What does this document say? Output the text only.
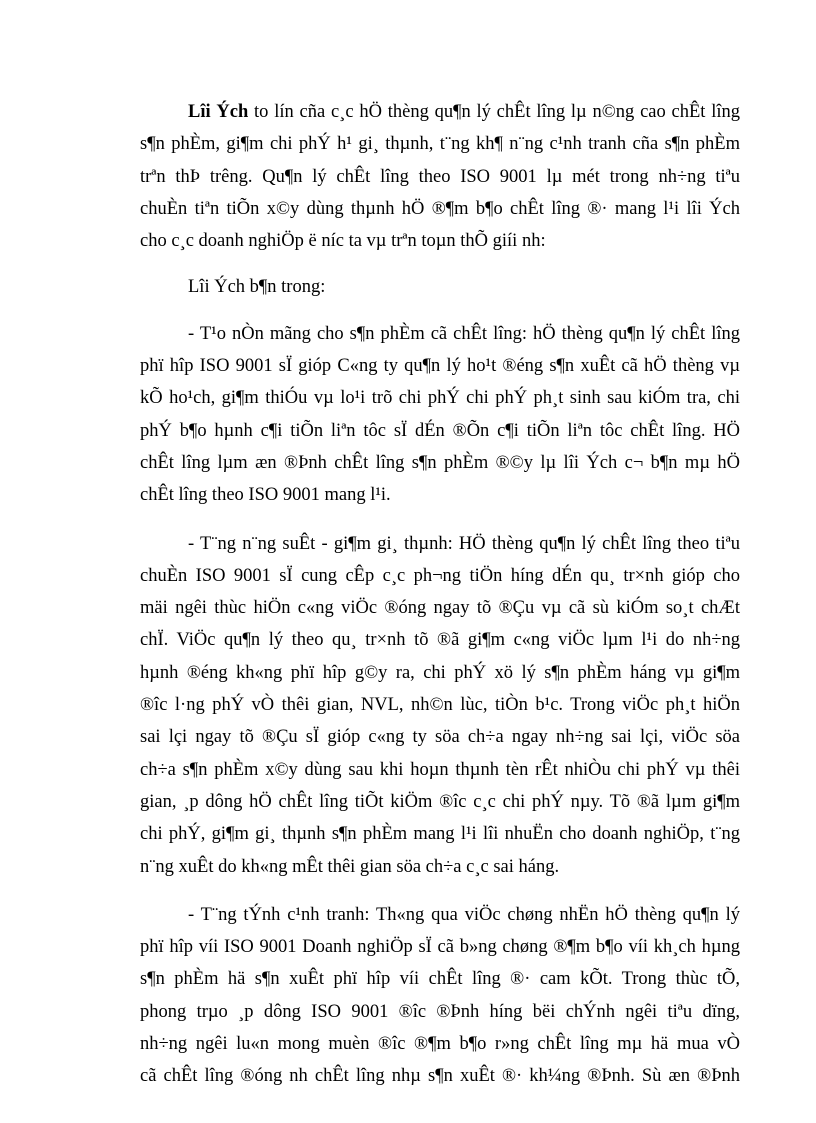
Lîi Ých to lín cña c¸c hÖ thèng qu¶n lý chÊt lîng lµ n©ng cao chÊt lîng
s¶n phÈm, gi¶m chi phÝ h¹ gi¸ thµnh, t¨ng kh¶ n¨ng c¹nh tranh cña s¶n phÈm
trªn thÞ trêng. Qu¶n lý chÊt lîng theo ISO 9001 lµ mét trong nh÷ng tiªu
chuÈn tiªn tiÕn x©y dùng thµnh hÖ ®¶m b¶o chÊt lîng ®· mang l¹i lîi Ých
cho c¸c doanh nghiÖp ë níc ta vµ trªn toµn thÕ giíi nh:
Lîi Ých b¶n trong:
- T¹o nÒn mãng cho s¶n phÈm cã chÊt lîng: hÖ thèng qu¶n lý chÊt lîng
phï hîp ISO 9001 sÏ gióp C«ng ty qu¶n lý ho¹t ®éng s¶n xuÊt cã hÖ thèng vµ
kÕ ho¹ch, gi¶m thiÓu vµ lo¹i trõ chi phÝ chi phÝ ph¸t sinh sau kiÓm tra, chi
phÝ b¶o hµnh c¶i tiÕn liªn tôc sÏ dÉn ®Õn c¶i tiÕn liªn tôc chÊt lîng. HÖ
chÊt lîng lµm æn ®Þnh chÊt lîng s¶n phÈm ®©y lµ lîi Ých c¬ b¶n mµ hÖ
chÊt lîng theo ISO 9001 mang l¹i.
- T¨ng n¨ng suÊt - gi¶m gi¸ thµnh: HÖ thèng qu¶n lý chÊt lîng theo tiªu
chuÈn ISO 9001 sÏ cung cÊp c¸c ph¬ng tiÖn híng dÉn qu¸ tr×nh gióp cho
mäi ngêi thùc hiÖn c«ng viÖc ®óng ngay tõ ®Çu vµ cã sù kiÓm so¸t chÆt
chÏ. ViÖc qu¶n lý theo qu¸ tr×nh tõ ®ã gi¶m c«ng viÖc lµm l¹i do nh÷ng
hµnh ®éng kh«ng phï hîp g©y ra, chi phÝ xö lý s¶n phÈm háng vµ gi¶m
®îc l·ng phÝ vÒ thêi gian, NVL, nh©n lùc, tiÒn b¹c. Trong viÖc ph¸t hiÖn
sai lçi ngay tõ ®Çu sÏ gióp c«ng ty söa ch÷a ngay nh÷ng sai lçi, viÖc söa
ch÷a s¶n phÈm x©y dùng sau khi hoµn thµnh tèn rÊt nhiÒu chi phÝ vµ thêi
gian, ¸p dông hÖ chÊt lîng tiÕt kiÖm ®îc c¸c chi phÝ nµy. Tõ ®ã lµm gi¶m
chi phÝ, gi¶m gi¸ thµnh s¶n phÈm mang l¹i lîi nhuËn cho doanh nghiÖp, t¨ng
n¨ng xuÊt do kh«ng mÊt thêi gian söa ch÷a c¸c sai háng.
- T¨ng tÝnh c¹nh tranh: Th«ng qua viÖc chøng nhËn hÖ thèng qu¶n lý
phï hîp víi ISO 9001 Doanh nghiÖp sÏ cã b»ng chøng ®¶m b¶o víi kh¸ch hµng
s¶n phÈm hä s¶n xuÊt phï hîp víi chÊt lîng ®· cam kÕt. Trong thùc tÕ,
phong trµo ¸p dông ISO 9001 ®îc ®Þnh híng bëi chÝnh ngêi tiªu dïng,
nh÷ng ngêi lu«n mong muèn ®îc ®¶m b¶o r»ng chÊt lîng mµ hä mua vÒ
cã chÊt lîng ®óng nh chÊt lîng nhµ s¶n xuÊt ®· kh¼ng ®Þnh. Sù æn ®Þnh
